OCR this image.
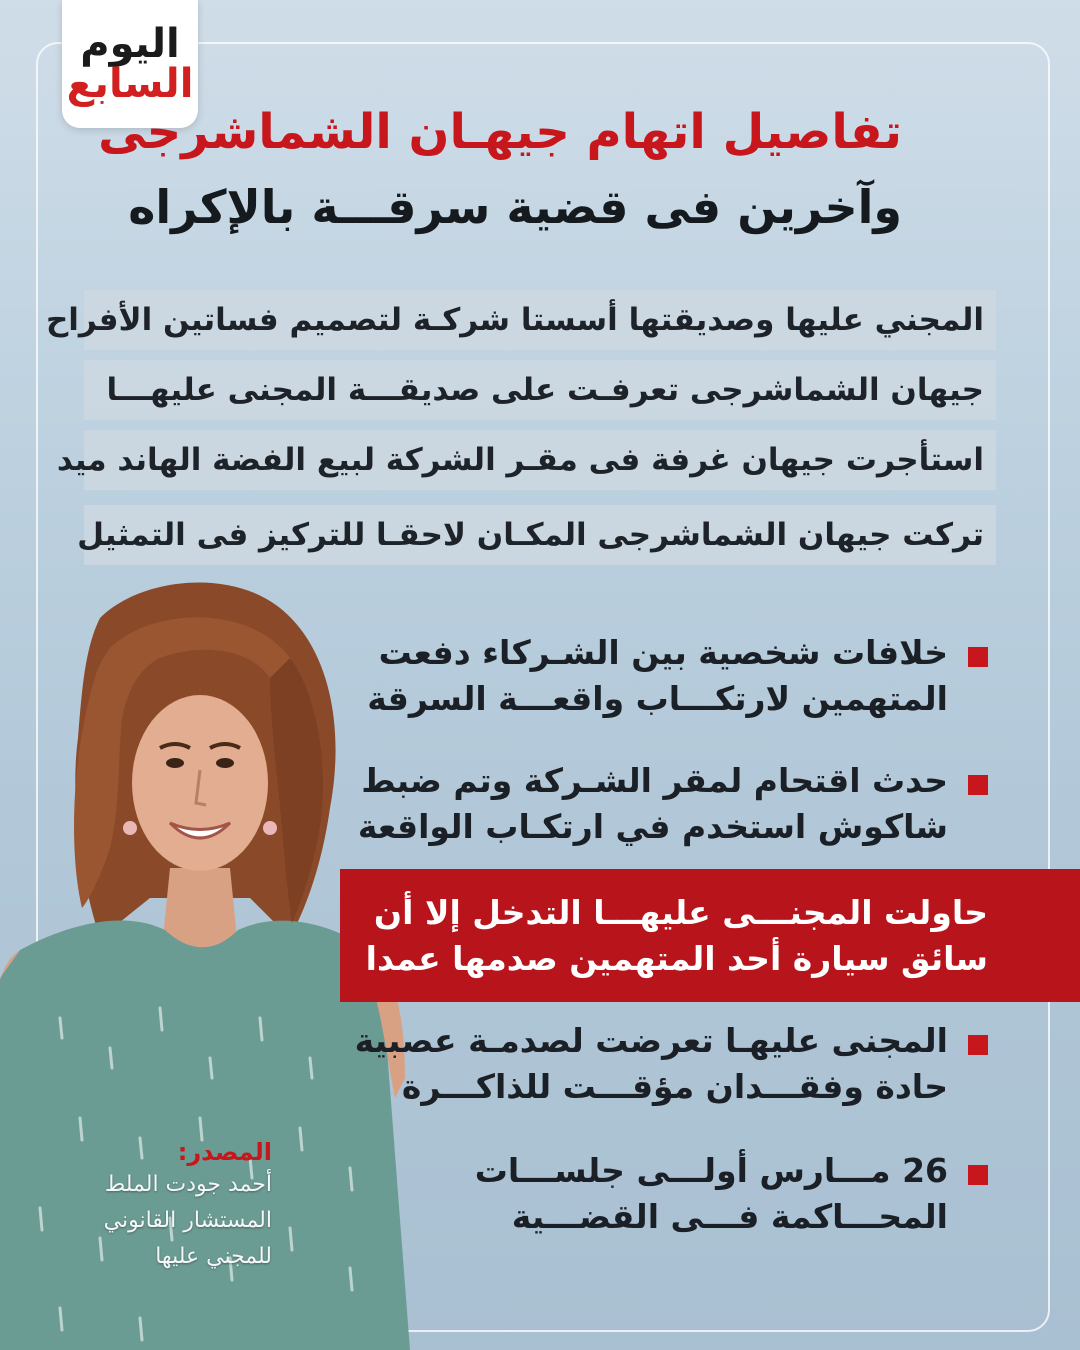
اليوم
السابع
تفاصيل اتهام جيهـان الشماشرجى
وآخرين فى قضية سرقـــة بالإكراه
المجني عليها وصديقتها أسستا شركـة لتصميم فساتين الأفراح
جيهان الشماشرجى تعرفـت على صديقـــة المجنى عليهـــا
استأجرت جيهان غرفة فى مقـر الشركة لبيع الفضة الهاند ميد
تركت جيهان الشماشرجى المكـان لاحقـا للتركيز فى التمثيل
خلافات شخصية بين الشـركاء دفعت
المتهمين لارتكـــاب واقعـــة السرقة
حدث اقتحام لمقر الشـركة وتم ضبط
شاكوش استخدم في ارتكـاب الواقعة
حاولت المجنـــى عليهـــا التدخل إلا أن
سائق سيارة أحد المتهمين صدمها عمدا
المجنى عليهـا تعرضت لصدمـة عصبية
حادة وفقـــدان مؤقـــت للذاكـــرة
26 مـــارس أولـــى جلســـات
المحـــاكمة فـــى القضـــية
المصدر:
أحمد جودت الملط
المستشار القانوني
للمجني عليها
